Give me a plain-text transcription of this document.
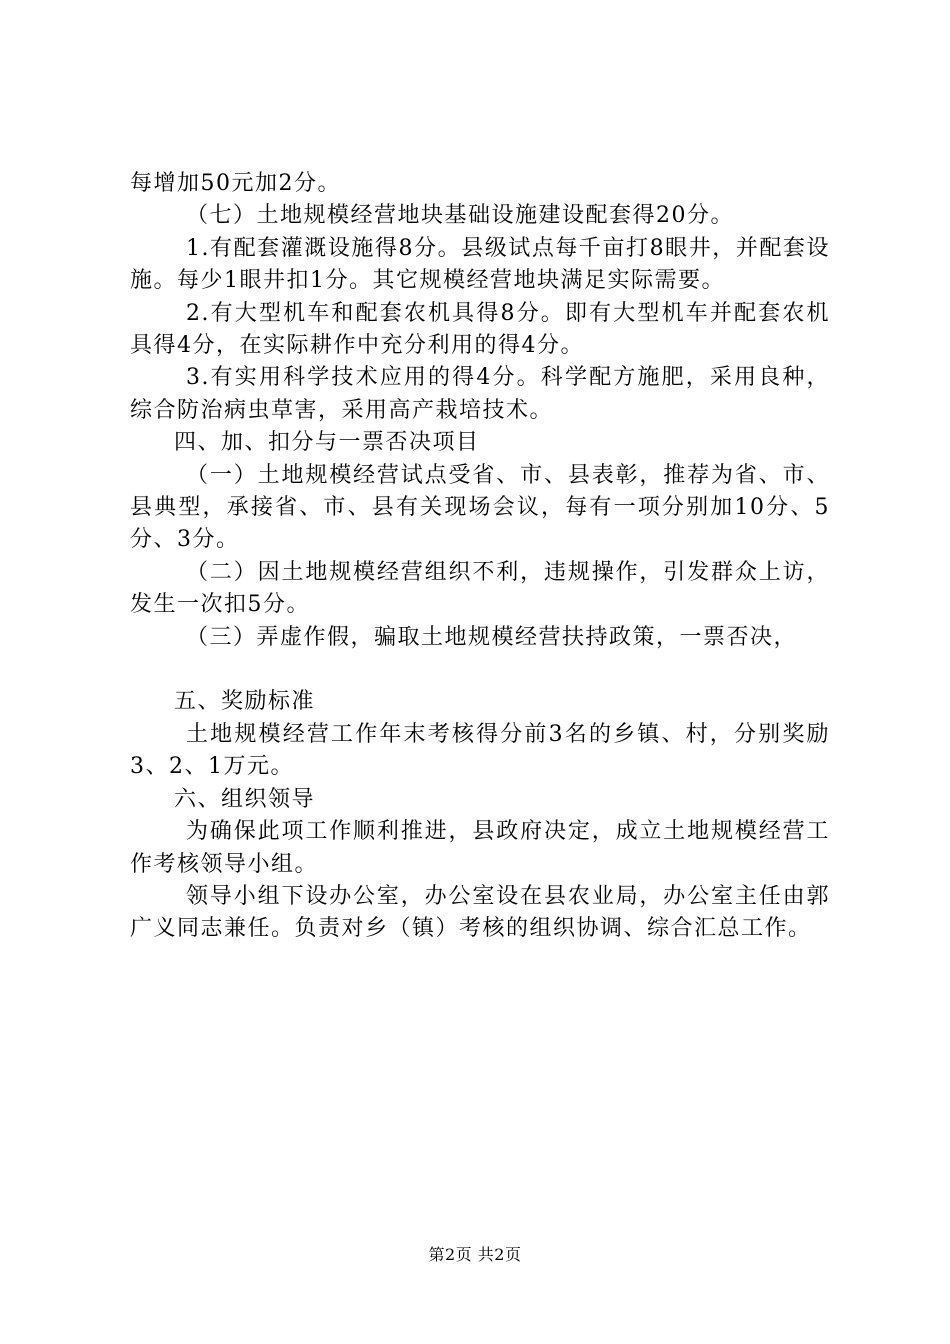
每增加50元加2分。

（七）土地规模经营地块基础设施建设配套得20分。

1.有配套灌溉设施得8分。县级试点每千亩打8眼井，并配套设施。每少1眼井扣1分。其它规模经营地块满足实际需要。

2.有大型机车和配套农机具得8分。即有大型机车并配套农机具得4分，在实际耕作中充分利用的得4分。

3.有实用科学技术应用的得4分。科学配方施肥，采用良种，综合防治病虫草害，采用高产栽培技术。

四、加、扣分与一票否决项目

（一）土地规模经营试点受省、市、县表彰，推荐为省、市、县典型，承接省、市、县有关现场会议，每有一项分别加10分、5分、3分。

（二）因土地规模经营组织不利，违规操作，引发群众上访，发生一次扣5分。

（三）弄虚作假，骗取土地规模经营扶持政策，一票否决，

五、奖励标准

土地规模经营工作年末考核得分前3名的乡镇、村，分别奖励3、2、1万元。

六、组织领导

为确保此项工作顺利推进，县政府决定，成立土地规模经营工作考核领导小组。

领导小组下设办公室，办公室设在县农业局，办公室主任由郭广义同志兼任。负责对乡（镇）考核的组织协调、综合汇总工作。

第2页 共2页
